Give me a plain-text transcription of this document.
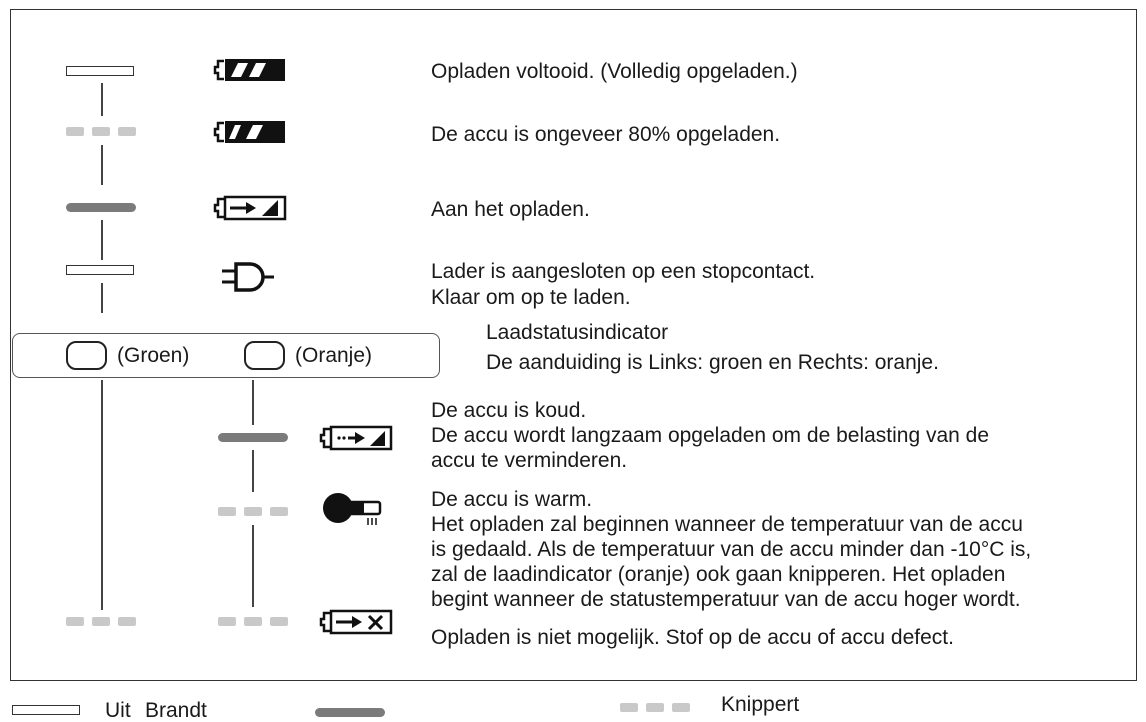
(Groen)	(Oranje)
Laadstatusindicator
De aanduiding is Links: groen en Rechts: oranje.
Opladen voltooid. (Volledig opgeladen.)
De accu is ongeveer 80% opgeladen.
Aan het opladen.
Lader is aangesloten op een stopcontact.
Klaar om op te laden.
De accu is koud.
De accu wordt langzaam opgeladen om de belasting van de
accu te verminderen.
De accu is warm.
Het opladen zal beginnen wanneer de temperatuur van de accu
is gedaald. Als de temperatuur van de accu minder dan -10°C is,
zal de laadindicator (oranje) ook gaan knipperen. Het opladen
begint wanneer de statustemperatuur van de accu hoger wordt.
Opladen is niet mogelijk. Stof op de accu of accu defect.
Uit Brandt	Knippert
